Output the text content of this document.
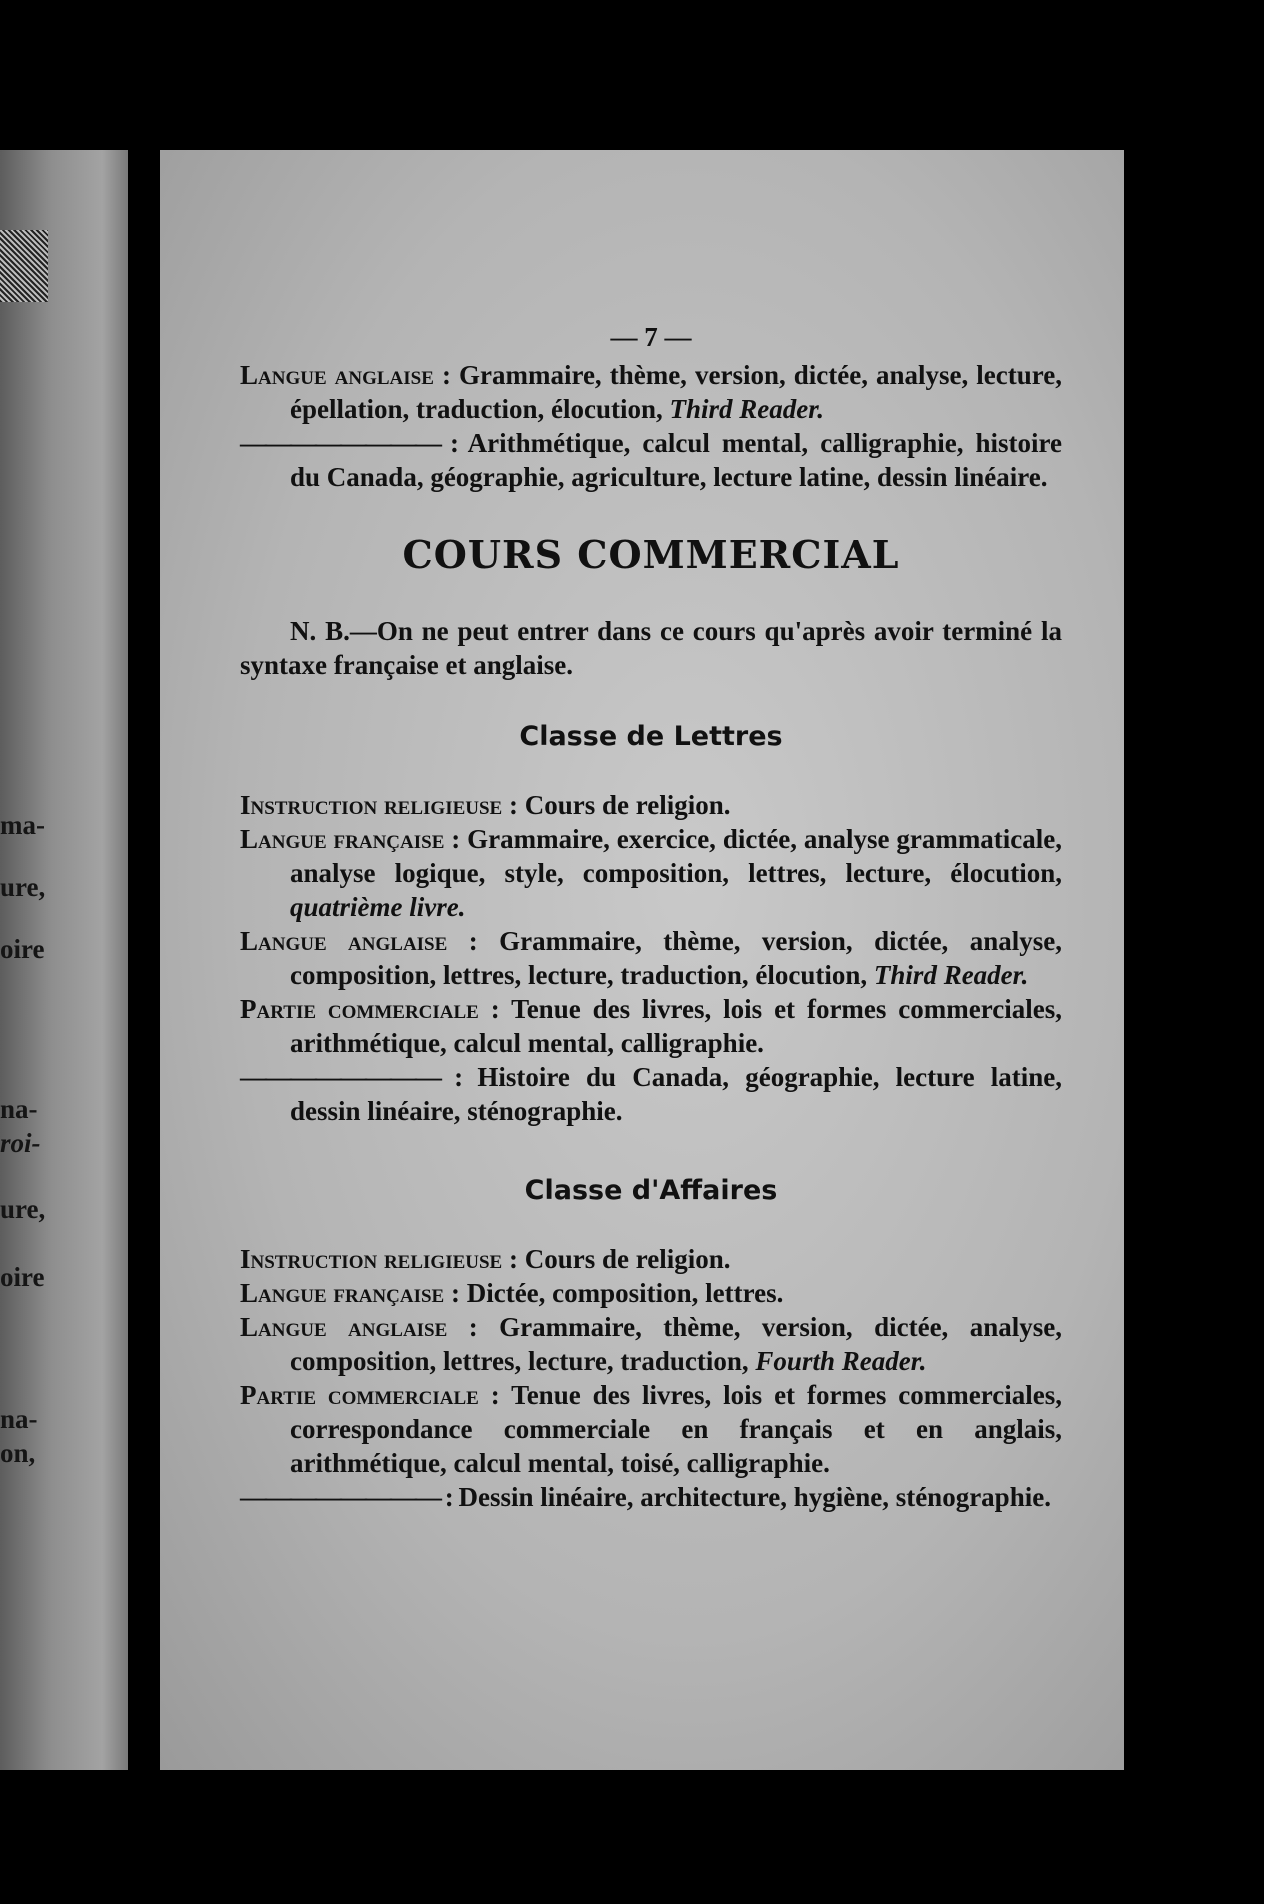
ma-
ure,
oire
na-
roi-
ure,
oire
na-
on,
— 7 —

Langue anglaise : Grammaire, thème, version, dictée, analyse, lecture, épellation, traduction, élocution, Third Reader.

———————— : Arithmétique, calcul mental, calligraphie, histoire du Canada, géographie, agriculture, lecture latine, dessin linéaire.

COURS COMMERCIAL

N. B.—On ne peut entrer dans ce cours qu'après avoir terminé la syntaxe française et anglaise.

Classe de Lettres

Instruction religieuse : Cours de religion.

Langue française : Grammaire, exercice, dictée, analyse grammaticale, analyse logique, style, composition, lettres, lecture, élocution, quatrième livre.

Langue anglaise : Grammaire, thème, version, dictée, analyse, composition, lettres, lecture, traduction, élocution, Third Reader.

Partie commerciale : Tenue des livres, lois et formes commerciales, arithmétique, calcul mental, calligraphie.

———————— : Histoire du Canada, géographie, lecture latine, dessin linéaire, sténographie.

Classe d'Affaires

Instruction religieuse : Cours de religion.

Langue française : Dictée, composition, lettres.

Langue anglaise : Grammaire, thème, version, dictée, analyse, composition, lettres, lecture, traduction, Fourth Reader.

Partie commerciale : Tenue des livres, lois et formes commerciales, correspondance commerciale en français et en anglais, arithmétique, calcul mental, toisé, calligraphie.

———————— : Dessin linéaire, architecture, hygiène, sténographie.
